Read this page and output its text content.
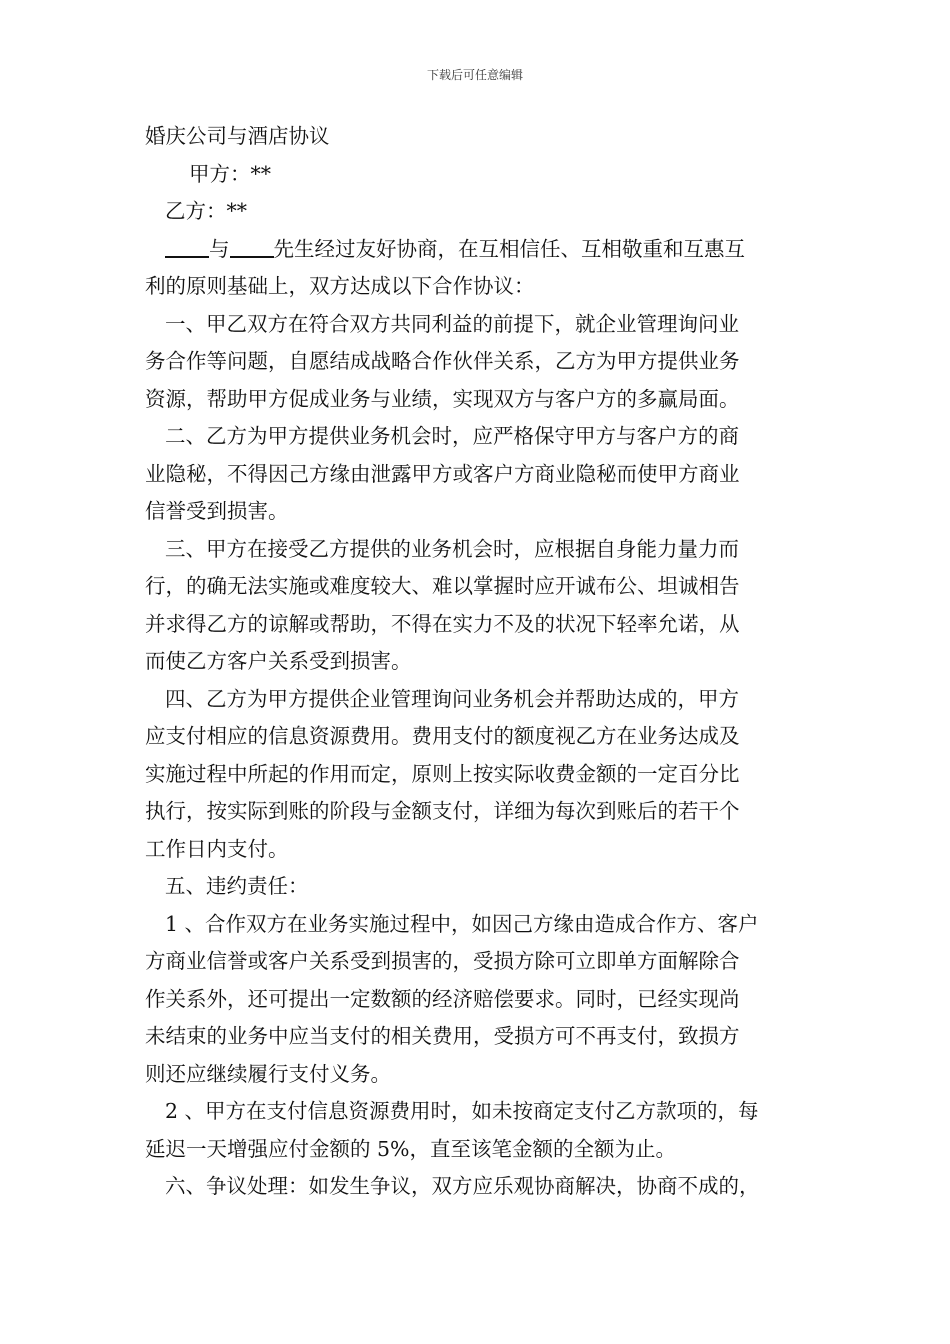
下载后可任意编辑
婚庆公司与酒店协议
甲方：**
乙方：**
与 先生经过友好协商，在互相信任、互相敬重和互惠互
利的原则基础上，双方达成以下合作协议：
一、甲乙双方在符合双方共同利益的前提下，就企业管理询问业
务合作等问题，自愿结成战略合作伙伴关系，乙方为甲方提供业务
资源，帮助甲方促成业务与业绩，实现双方与客户方的多赢局面。
二、乙方为甲方提供业务机会时，应严格保守甲方与客户方的商
业隐秘，不得因己方缘由泄露甲方或客户方商业隐秘而使甲方商业
信誉受到损害。
三、甲方在接受乙方提供的业务机会时，应根据自身能力量力而
行，的确无法实施或难度较大、难以掌握时应开诚布公、坦诚相告
并求得乙方的谅解或帮助，不得在实力不及的状况下轻率允诺，从
而使乙方客户关系受到损害。
四、乙方为甲方提供企业管理询问业务机会并帮助达成的，甲方
应支付相应的信息资源费用。费用支付的额度视乙方在业务达成及
实施过程中所起的作用而定，原则上按实际收费金额的一定百分比
执行，按实际到账的阶段与金额支付，详细为每次到账后的若干个
工作日内支付。
五、违约责任：
1 、合作双方在业务实施过程中，如因己方缘由造成合作方、客户
方商业信誉或客户关系受到损害的，受损方除可立即单方面解除合
作关系外，还可提出一定数额的经济赔偿要求。同时，已经实现尚
未结束的业务中应当支付的相关费用，受损方可不再支付，致损方
则还应继续履行支付义务。
2 、甲方在支付信息资源费用时，如未按商定支付乙方款项的，每
延迟一天增强应付金额的 5%，直至该笔金额的全额为止。
六、争议处理：如发生争议，双方应乐观协商解决，协商不成的，
